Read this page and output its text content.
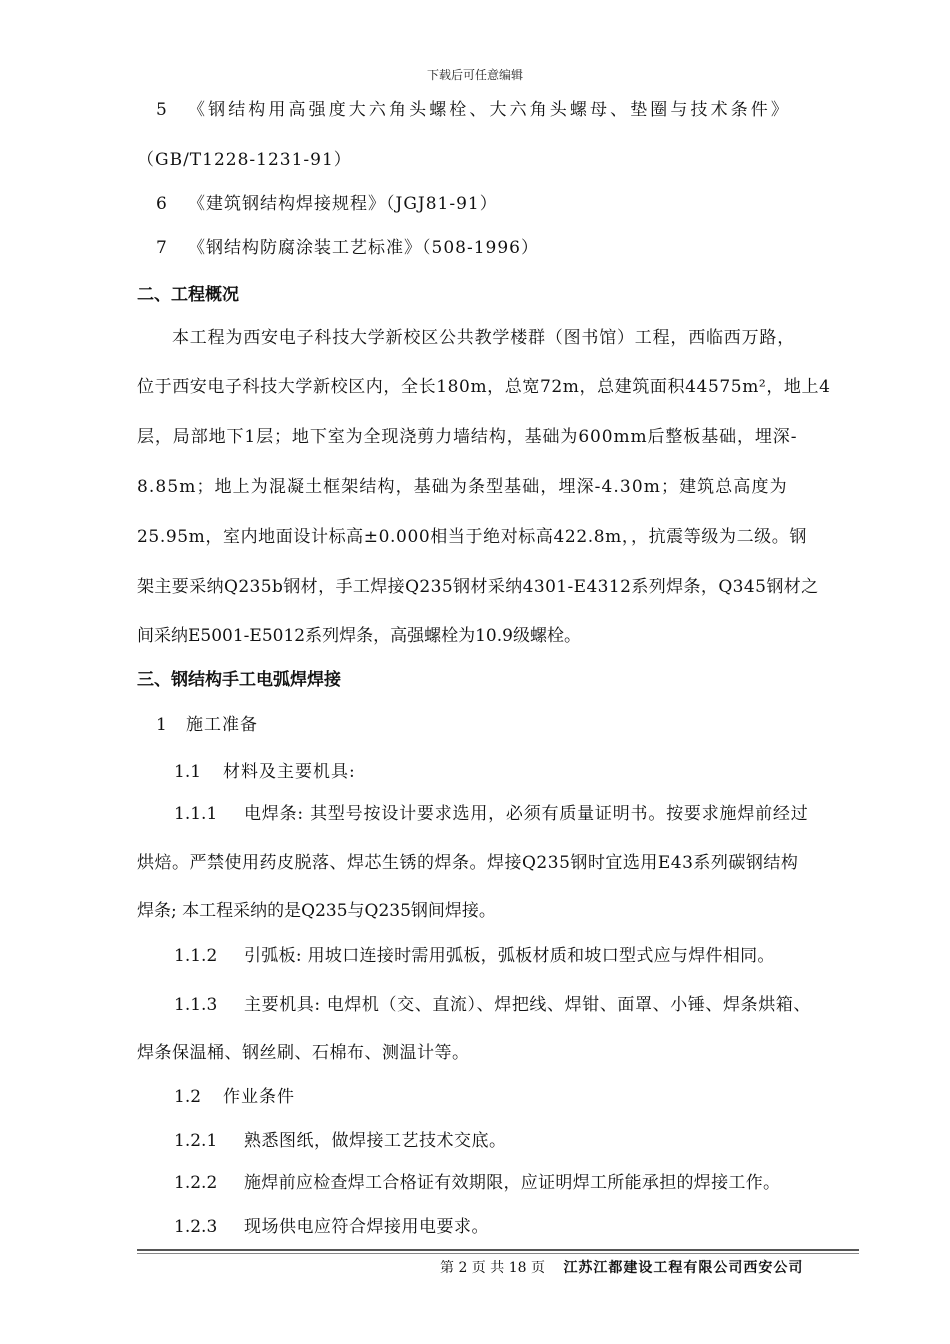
下载后可任意编辑
5 《钢结构用高强度大六角头螺栓、大六角头螺母、垫圈与技术条件》
（GB/T1228-1231-91）
6 《建筑钢结构焊接规程》（JGJ81-91）
7 《钢结构防腐涂装工艺标准》（508-1996）
二、工程概况
本工程为西安电子科技大学新校区公共教学楼群（图书馆）工程，西临西万路，
位于西安电子科技大学新校区内，全长180m，总宽72m，总建筑面积44575m²，地上4
层，局部地下1层；地下室为全现浇剪力墙结构，基础为600mm后整板基础，埋深-
8.85m；地上为混凝土框架结构，基础为条型基础，埋深-4.30m；建筑总高度为
25.95m，室内地面设计标高±0.000相当于绝对标高422.8m，，抗震等级为二级。钢
架主要采纳Q235b钢材，手工焊接Q235钢材采纳4301-E4312系列焊条，Q345钢材之
间采纳E5001-E5012系列焊条，高强螺栓为10.9级螺栓。
三、钢结构手工电弧焊焊接
1 施工准备
1.1 材料及主要机具:
1.1.1 电焊条: 其型号按设计要求选用，必须有质量证明书。按要求施焊前经过
烘焙。严禁使用药皮脱落、焊芯生锈的焊条。焊接Q235钢时宜选用E43系列碳钢结构
焊条; 本工程采纳的是Q235与Q235钢间焊接。
1.1.2 引弧板: 用坡口连接时需用弧板，弧板材质和坡口型式应与焊件相同。
1.1.3 主要机具: 电焊机（交、直流）、焊把线、焊钳、面罩、小锤、焊条烘箱、
焊条保温桶、钢丝刷、石棉布、测温计等。
1.2 作业条件
1.2.1 熟悉图纸，做焊接工艺技术交底。
1.2.2 施焊前应检查焊工合格证有效期限，应证明焊工所能承担的焊接工作。
1.2.3 现场供电应符合焊接用电要求。
第 2 页 共 18 页 江苏江都建设工程有限公司西安公司
